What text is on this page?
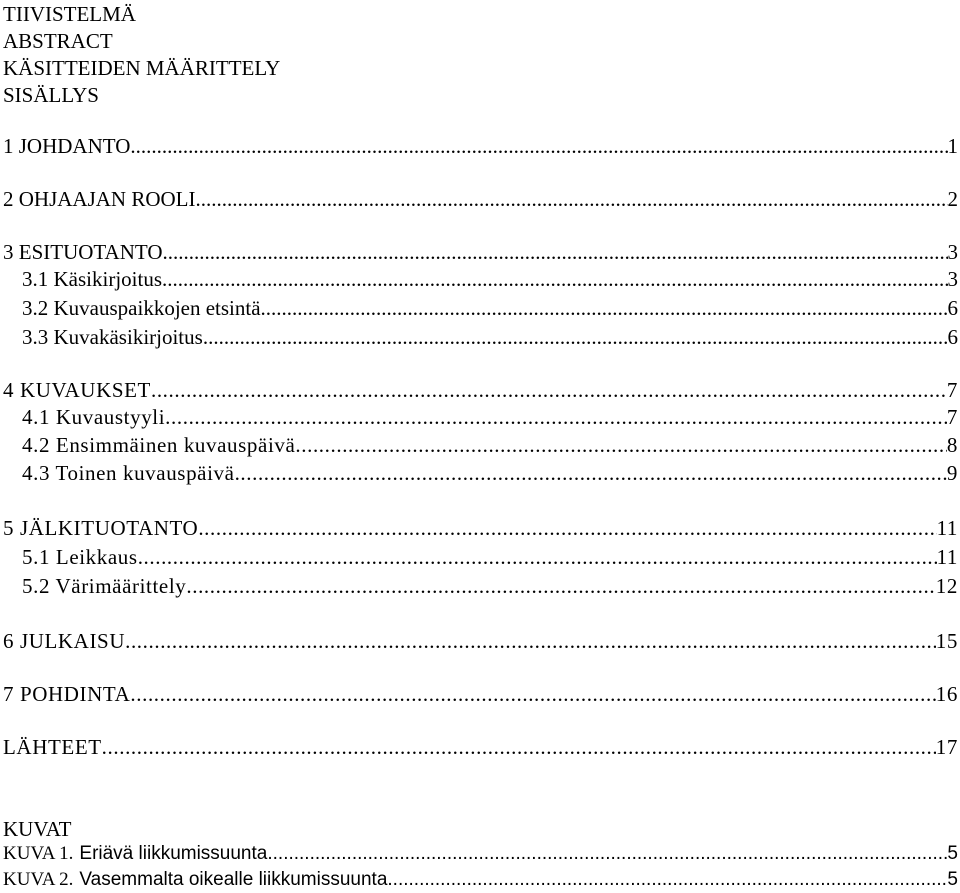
TIIVISTELMÄ
ABSTRACT
KÄSITTEIDEN MÄÄRITTELY
SISÄLLYS
1 JOHDANTO .....	1
2 OHJAAJAN ROOLI .....	2
3 ESITUOTANTO .....	3
3.1 Käsikirjoitus .....	3
3.2 Kuvauspaikkojen etsintä .....	6
3.3 Kuvakäsikirjoitus .....	6
4 KUVAUKSET .....	7
4.1 Kuvaustyyli .....	7
4.2 Ensimmäinen kuvauspäivä .....	8
4.3 Toinen kuvauspäivä .....	9
5 JÄLKITUOTANTO .....	11
5.1 Leikkaus .....	11
5.2 Värimäärittely .....	12
6 JULKAISU .....	15
7 POHDINTA .....	16
LÄHTEET .....	17
KUVAT
KUVA 1. Eriävä liikkumissuunta .....	5
KUVA 2. Vasemmalta oikealle liikkumissuunta .....	5
